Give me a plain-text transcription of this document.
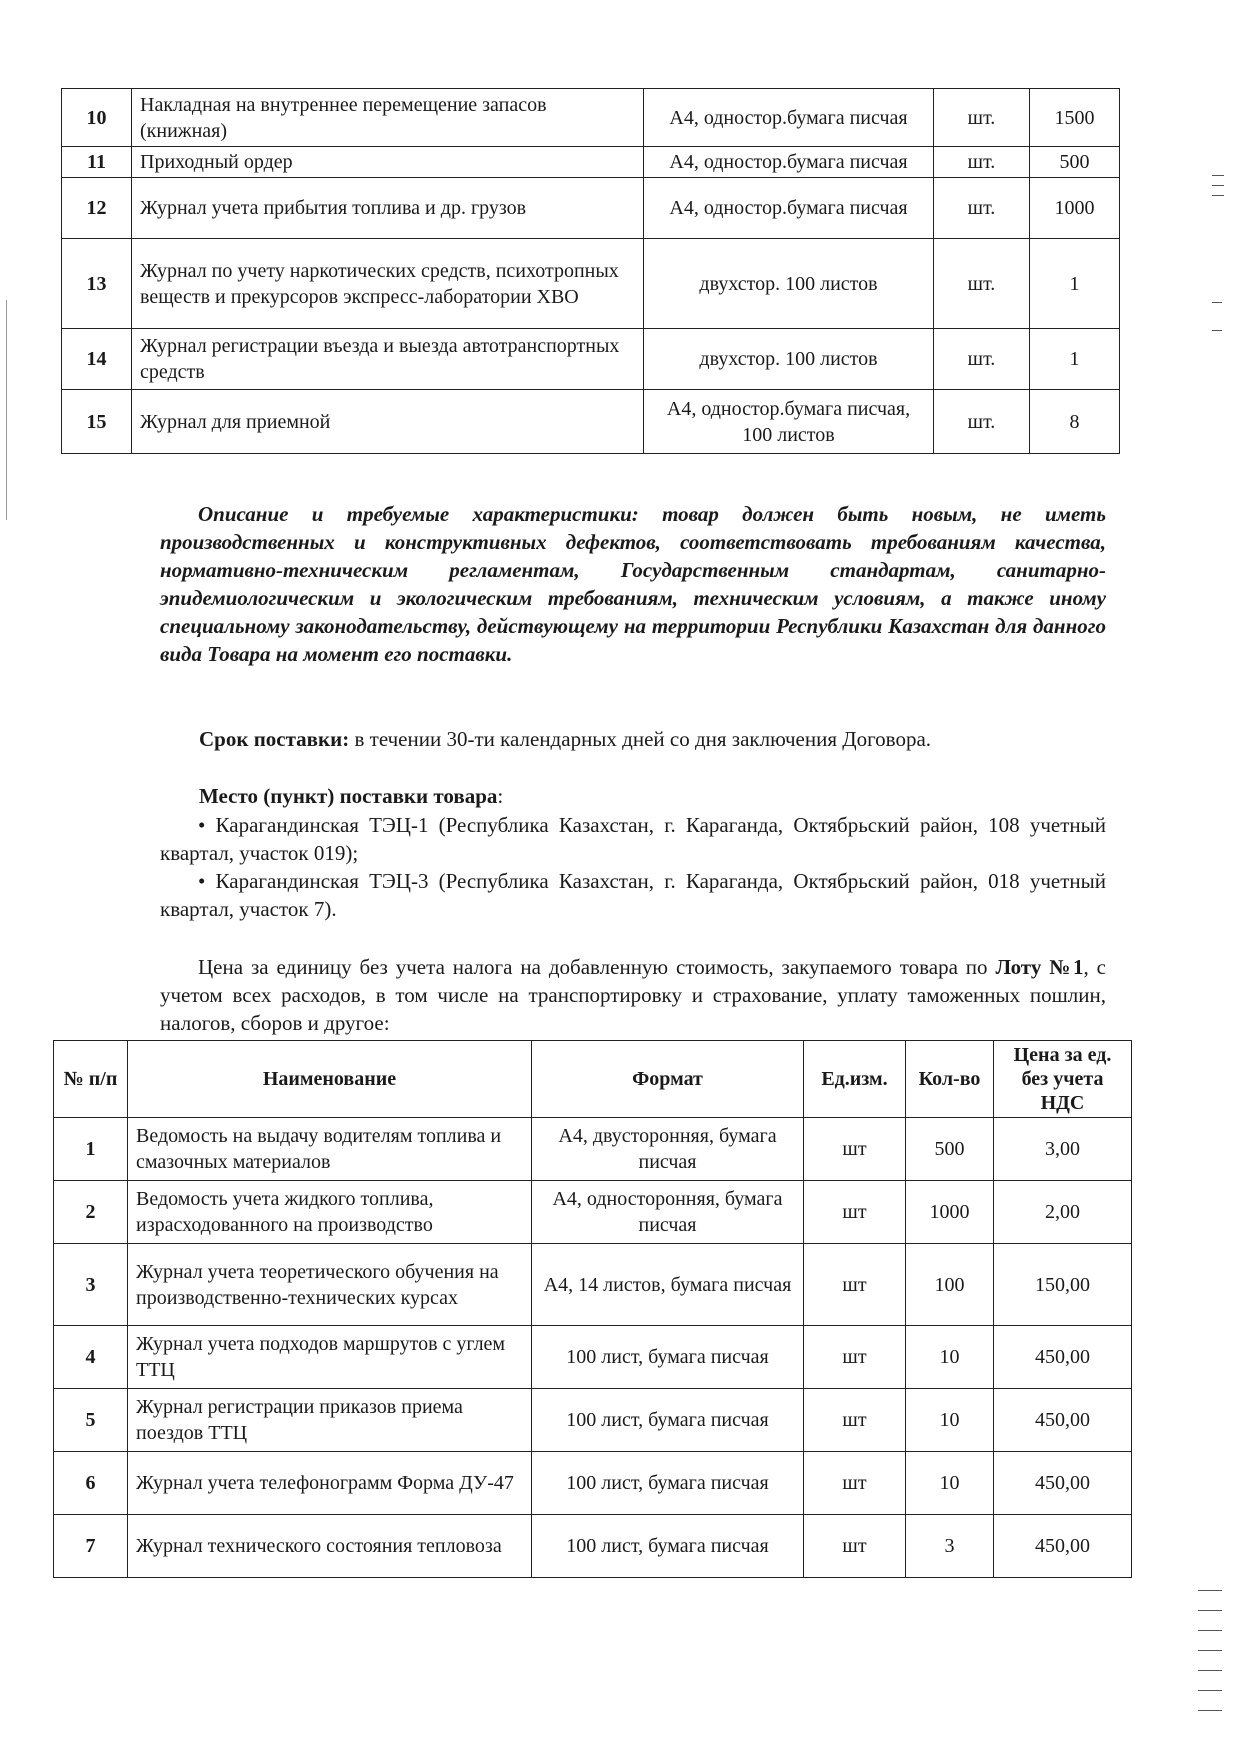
10	Накладная на внутреннее перемещение запасов (книжная)	А4, одностор.бумага писчая	шт.	1500
11	Приходный ордер	А4, одностор.бумага писчая	шт.	500
12	Журнал учета прибытия топлива и др. грузов	А4, одностор.бумага писчая	шт.	1000
13	Журнал по учету наркотических средств, психотропных веществ и прекурсоров экспресс-лаборатории ХВО	двухстор. 100 листов	шт.	1
14	Журнал регистрации въезда и выезда автотранспортных средств	двухстор. 100 листов	шт.	1
15	Журнал для приемной	А4, одностор.бумага писчая, 100 листов	шт.	8
Описание и требуемые характеристики: товар должен быть новым, не иметь производственных и конструктивных дефектов, соответствовать требованиям качества, нормативно-техническим регламентам, Государственным стандартам, санитарно-эпидемиологическим и экологическим требованиям, техническим условиям, а также иному специальному законодательству, действующему на территории Республики Казахстан для данного вида Товара на момент его поставки.
Срок поставки: в течении 30-ти календарных дней со дня заключения Договора.
Место (пункт) поставки товара:
• Карагандинская ТЭЦ-1 (Республика Казахстан, г. Караганда, Октябрьский район, 108 учетный квартал, участок 019);
• Карагандинская ТЭЦ-3 (Республика Казахстан, г. Караганда, Октябрьский район, 018 учетный квартал, участок 7).
Цена за единицу без учета налога на добавленную стоимость, закупаемого товара по Лоту №1, с учетом всех расходов, в том числе на транспортировку и страхование, уплату таможенных пошлин, налогов, сборов и другое:
№ п/п	Наименование	Формат	Ед.изм.	Кол-во	Цена за ед. без учета НДС
1	Ведомость на выдачу водителям топлива и смазочных материалов	А4, двусторонняя, бумага писчая	шт	500	3,00
2	Ведомость учета жидкого топлива, израсходованного на производство	А4, односторонняя, бумага писчая	шт	1000	2,00
3	Журнал учета теоретического обучения на производственно-технических курсах	А4, 14 листов, бумага писчая	шт	100	150,00
4	Журнал учета подходов маршрутов с углем ТТЦ	100 лист, бумага писчая	шт	10	450,00
5	Журнал регистрации приказов приема поездов ТТЦ	100 лист, бумага писчая	шт	10	450,00
6	Журнал учета телефонограмм Форма ДУ-47	100 лист, бумага писчая	шт	10	450,00
7	Журнал технического состояния тепловоза	100 лист, бумага писчая	шт	3	450,00
